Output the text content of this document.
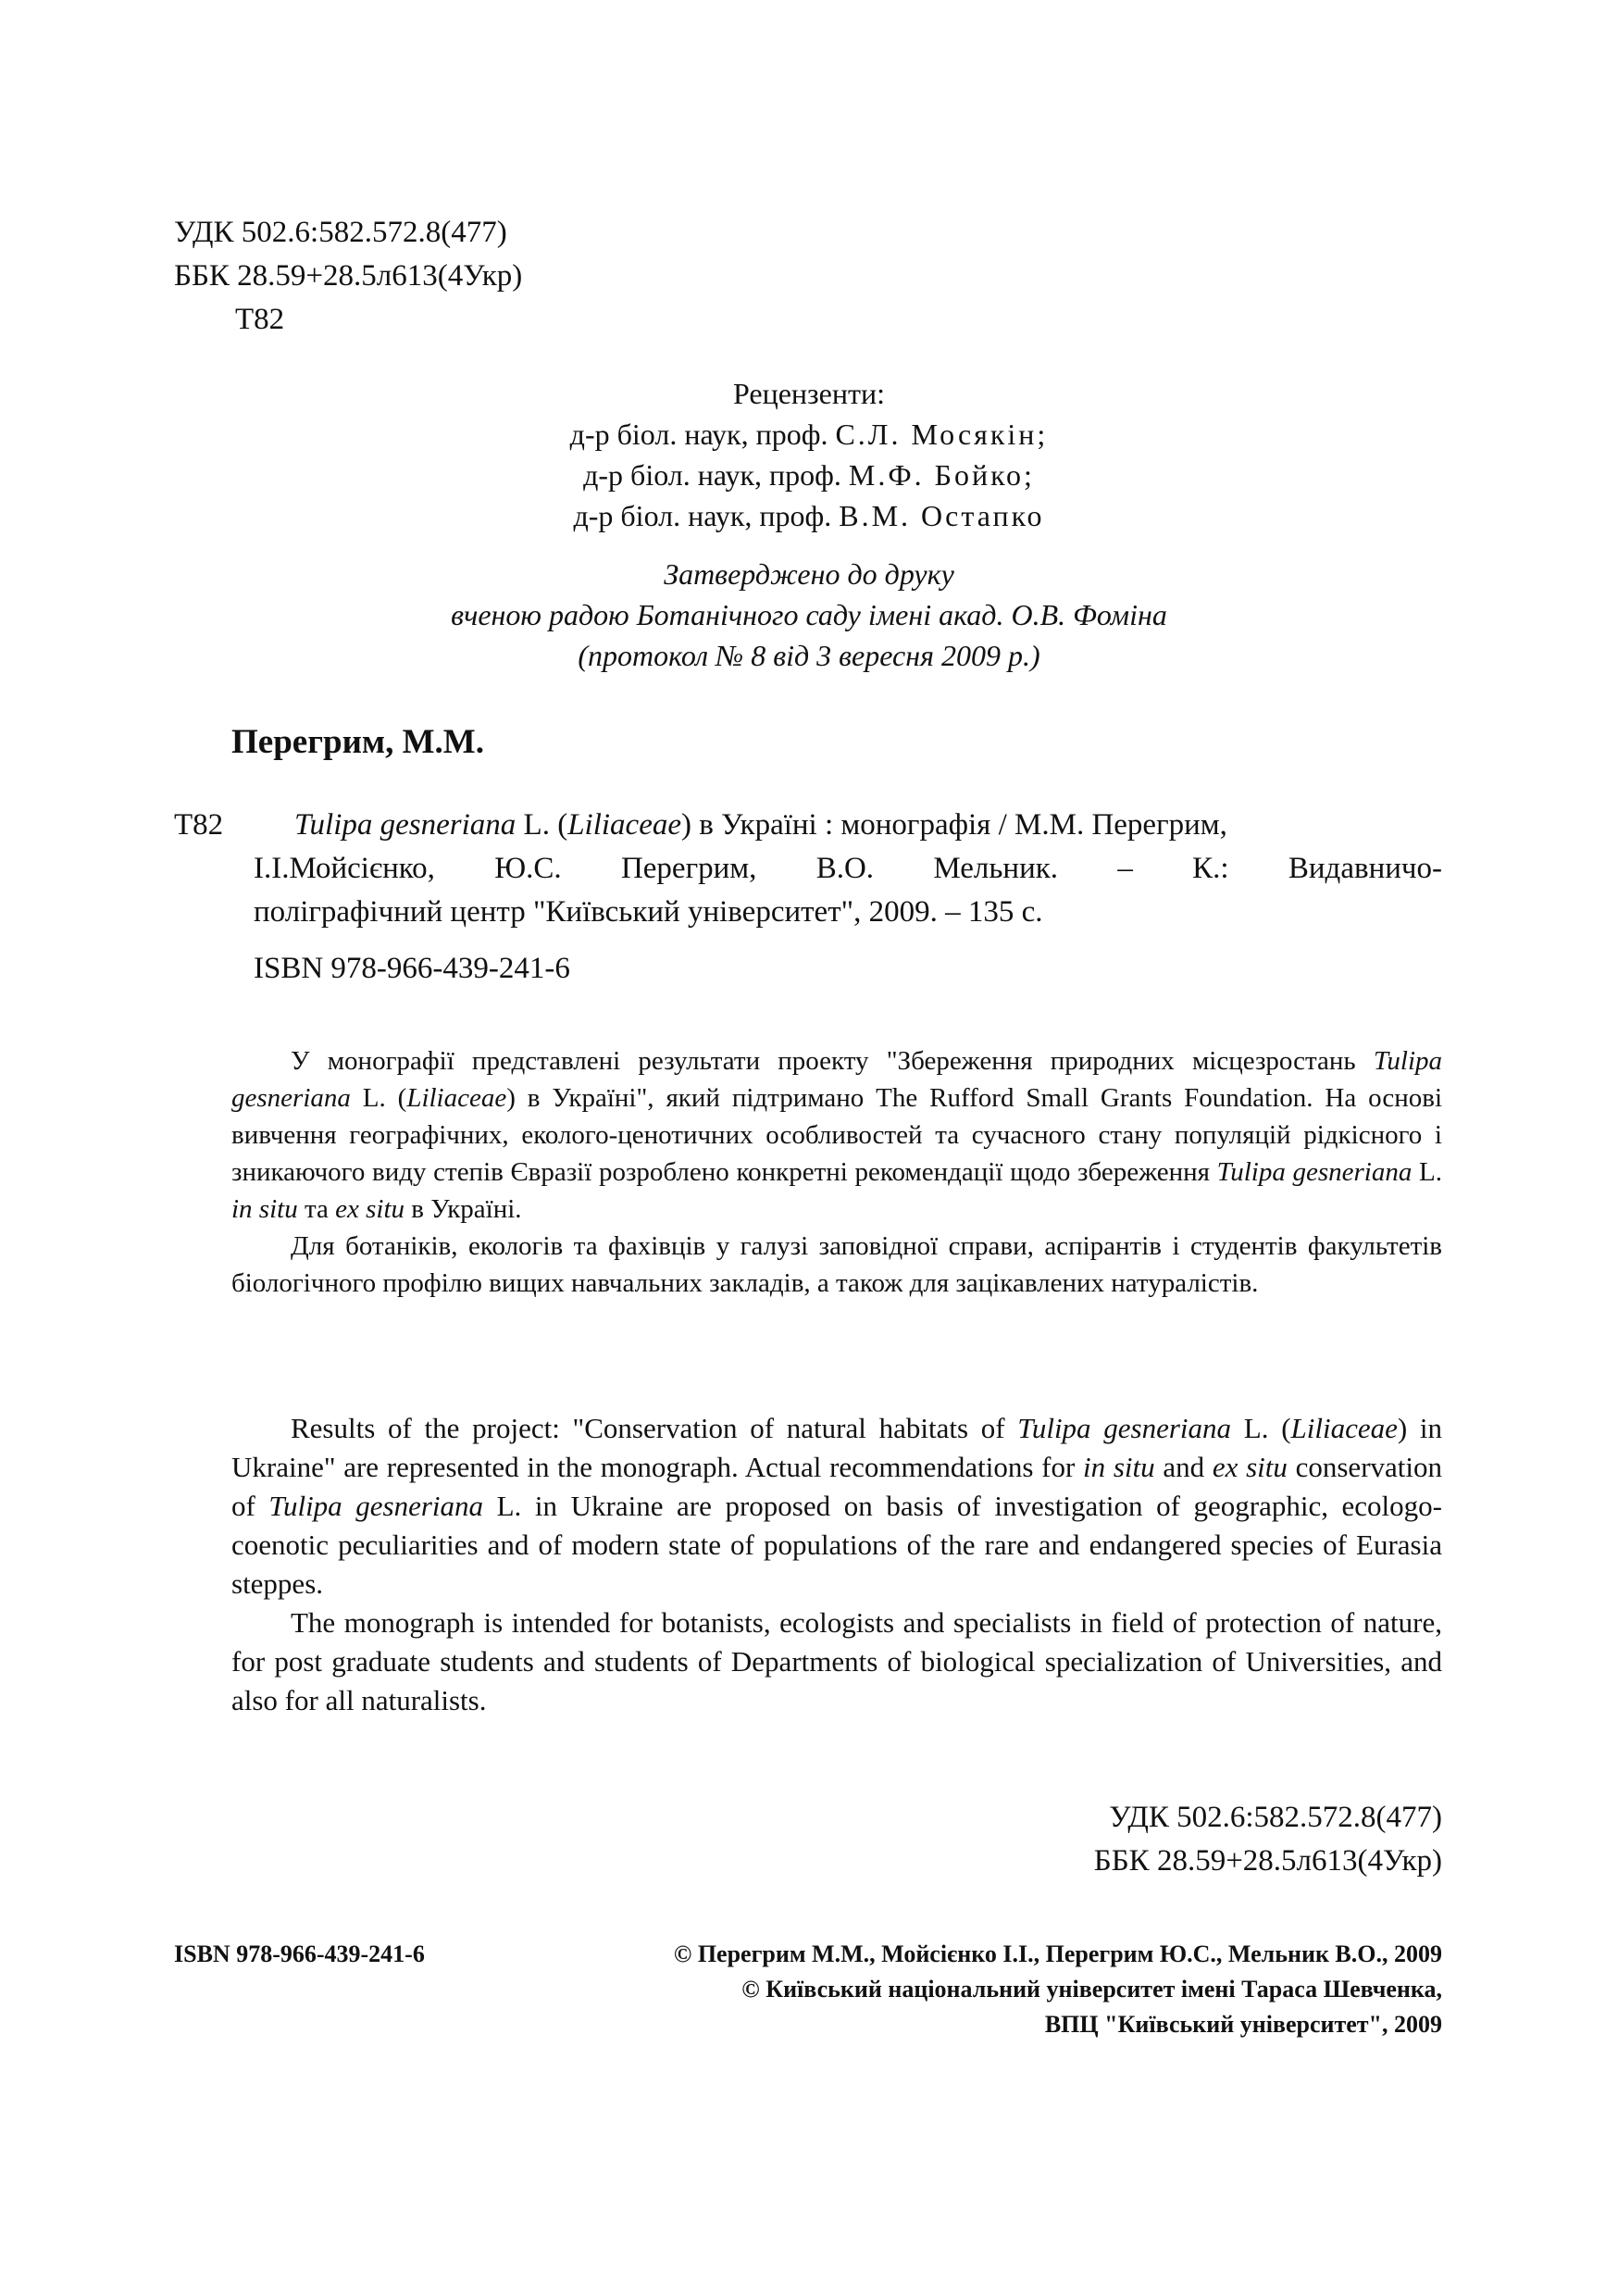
УДК 502.6:582.572.8(477)
ББК 28.59+28.5л613(4Укр)
Т82
Рецензенти:
д-р біол. наук, проф. С.Л. Мосякін;
д-р біол. наук, проф. М.Ф. Бойко;
д-р біол. наук, проф. В.М. Остапко
Затверджено до друку
вченою радою Ботанічного саду імені акад. О.В. Фоміна
(протокол № 8 від 3 вересня 2009 р.)
Перегрим, М.М.
Т82 Tulipa gesneriana L. (Liliaceae) в Україні : монографія / М.М. Перегрим,
І.І.Мойсієнко, Ю.С. Перегрим, В.О. Мельник. – К.: Видавничо-
поліграфічний центр "Київський університет", 2009. – 135 с.
ISBN 978-966-439-241-6

У монографії представлені результати проекту "Збереження природних місцезростань Tulipa gesneriana L. (Liliaceae) в Україні", який підтримано The Rufford Small Grants Foundation. На основі вивчення географічних, еколого-ценотичних особливостей та сучасного стану популяцій рідкісного і зникаючого виду степів Євразії розроблено конкретні рекомендації щодо збереження Tulipa gesneriana L. in situ та ex situ в Україні.

Для ботаніків, екологів та фахівців у галузі заповідної справи, аспірантів і студентів факультетів біологічного профілю вищих навчальних закладів, а також для зацікавлених натуралістів.

Results of the project: "Conservation of natural habitats of Tulipa gesneriana L. (Liliaceae) in Ukraine" are represented in the monograph. Actual recommendations for in situ and ex situ conservation of Tulipa gesneriana L. in Ukraine are proposed on basis of investigation of geographic, ecologo-coenotic peculiarities and of modern state of populations of the rare and endangered species of Eurasia steppes.

The monograph is intended for botanists, ecologists and specialists in field of protection of nature, for post graduate students and students of Departments of biological specialization of Universities, and also for all naturalists.

УДК 502.6:582.572.8(477)
ББК 28.59+28.5л613(4Укр)
ISBN 978-966-439-241-6	© Перегрим М.М., Мойсієнко І.І., Перегрим Ю.С., Мельник В.О., 2009
© Київський національний університет імені Тараса Шевченка,
ВПЦ "Київський університет", 2009
